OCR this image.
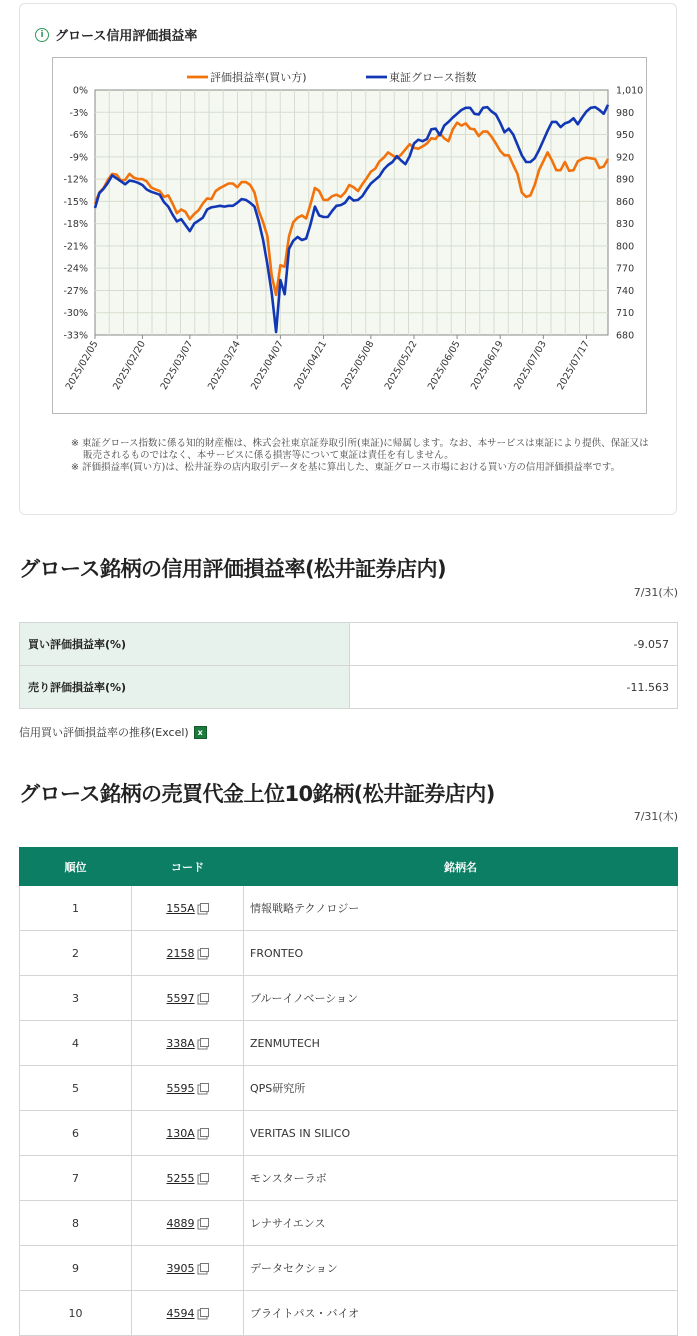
i グロース信用評価損益率
0%	1,010
-3%	980
-6%	950
-9%	920
-12%	890
-15%	860
-18%	830
-21%	800
-24%	770
-27%	740
-30%	710
-33%	680
2025/02/05 2025/02/20 2025/03/07 2025/03/24 2025/04/07 2025/04/21 2025/05/08 2025/05/22 2025/06/05 2025/06/19 2025/07/03 2025/07/17
評価損益率(買い方)	東証グロース指数

※ 東証グロース指数に係る知的財産権は、株式会社東京証券取引所(東証)に帰属します。なお、本サービスは東証により提供、保証又は販売されるものではなく、本サービスに係る損害等について東証は責任を有しません。

※ 評価損益率(買い方)は、松井証券の店内取引データを基に算出した、東証グロース市場における買い方の信用評価損益率です。

グロース銘柄の信用評価損益率(松井証券店内)
7/31(木)
買い評価損益率(%)	-9.057
売り評価損益率(%)	-11.563
信用買い評価損益率の推移(Excel)	x
グロース銘柄の売買代金上位10銘柄(松井証券店内)
7/31(木)
順位	コード	銘柄名
1	155A	情報戦略テクノロジー
2	2158	FRONTEO
3	5597	ブルーイノベーション
4	338A	ZENMUTECH
5	5595	QPS研究所
6	130A	VERITAS IN SILICO
7	5255	モンスターラボ
8	4889	レナサイエンス
9	3905	データセクション
10	4594	ブライトパス・バイオ
